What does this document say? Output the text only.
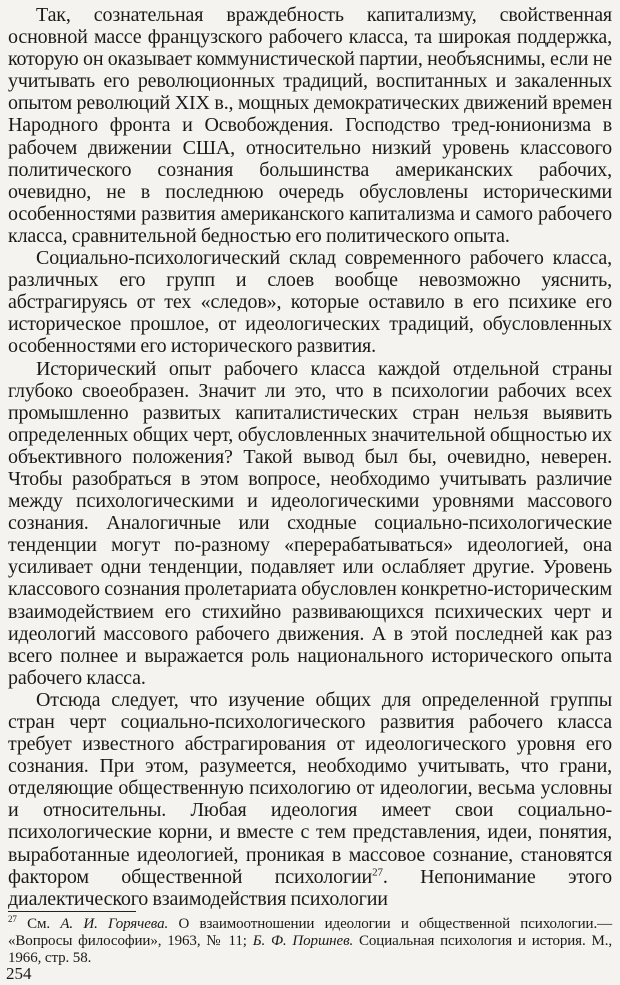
Так, сознательная враждебность капитализму, свойственная основной массе французского рабочего класса, та широкая поддержка, которую он оказывает коммунистической партии, необъяснимы, если не учитывать его революционных традиций, воспитанных и закаленных опытом революций XIX в., мощных демократических движений времен Народного фронта и Освобождения. Господство тред-юнионизма в рабочем движении США, относительно низкий уровень классового политического сознания большинства американских рабочих, очевидно, не в последнюю очередь обусловлены историческими особенностями развития американского капитализма и самого рабочего класса, сравнительной бедностью его политического опыта.

Социально-психологический склад современного рабочего класса, различных его групп и слоев вообще невозможно уяснить, абстрагируясь от тех «следов», которые оставило в его психике его историческое прошлое, от идеологических традиций, обусловленных особенностями его исторического развития.

Исторический опыт рабочего класса каждой отдельной страны глубоко своеобразен. Значит ли это, что в психологии рабочих всех промышленно развитых капиталистических стран нельзя выявить определенных общих черт, обусловленных значительной общностью их объективного положения? Такой вывод был бы, очевидно, неверен. Чтобы разобраться в этом вопросе, необходимо учитывать различие между психологическими и идеологическими уровнями массового сознания. Аналогичные или сходные социально-психологические тенденции могут по-разному «перерабатываться» идеологией, она усиливает одни тенденции, подавляет или ослабляет другие. Уровень классового сознания пролетариата обусловлен конкретно-историческим взаимодействием его стихийно развивающихся психических черт и идеологий массового рабочего движения. А в этой последней как раз всего полнее и выражается роль национального исторического опыта рабочего класса.

Отсюда следует, что изучение общих для определенной группы стран черт социально-психологического развития рабочего класса требует известного абстрагирования от идеологического уровня его сознания. При этом, разумеется, необходимо учитывать, что грани, отделяющие общественную психологию от идеологии, весьма условны и относительны. Любая идеология имеет свои социально-психологические корни, и вместе с тем представления, идеи, понятия, выработанные идеологией, проникая в массовое сознание, становятся фактором общественной психологии$^{27}$. Непонимание этого диалектического взаимодействия психологии

$^{27}$ См. А. И. Горячева. О взаимоотношении идеологии и общественной психологии.— «Вопросы философии», 1963, № 11; Б. Ф. Поршнев. Социальная психология и история. М., 1966, стр. 58.

254
